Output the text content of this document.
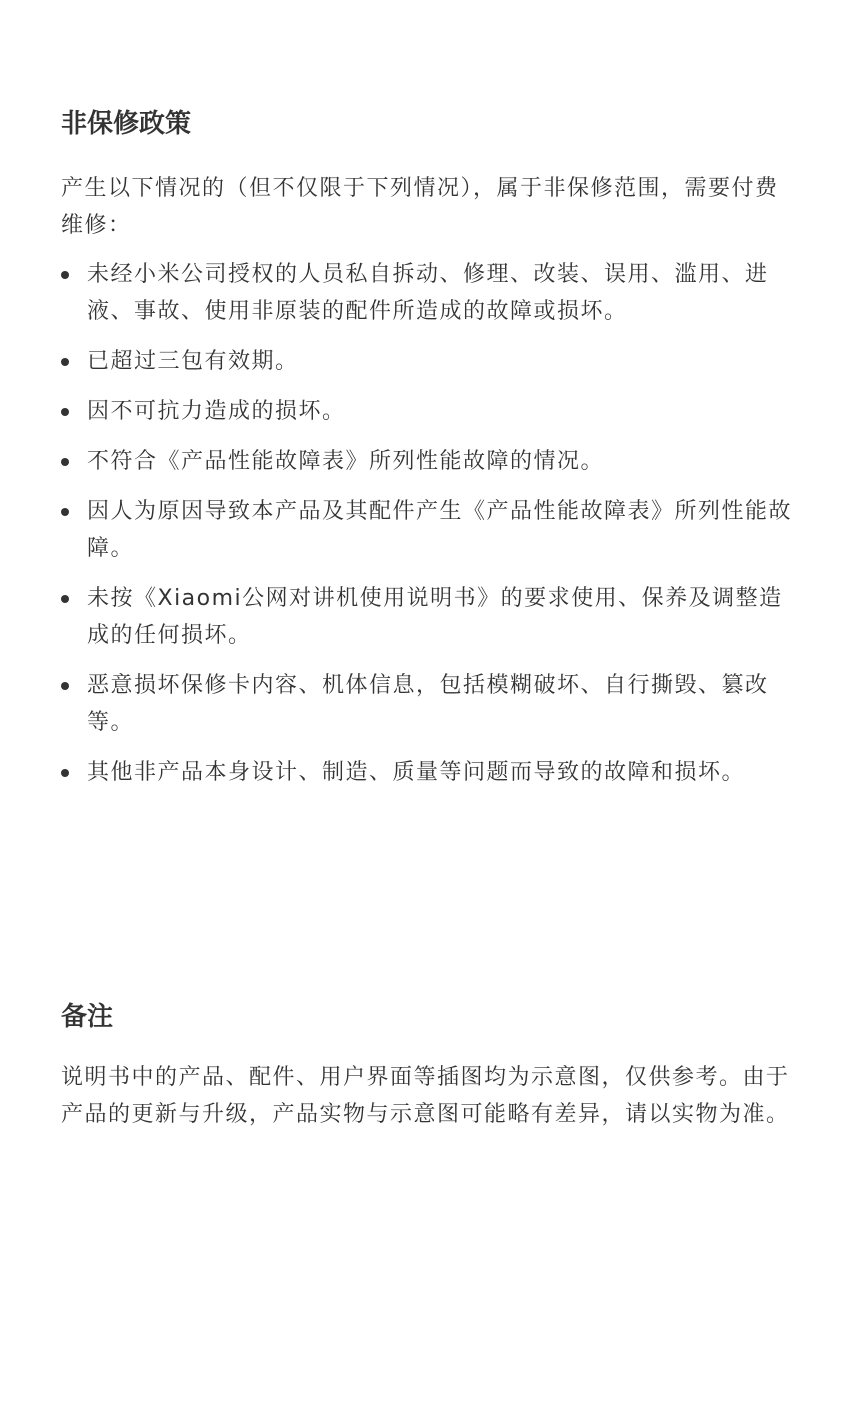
非保修政策

产生以下情况的（但不仅限于下列情况），属于非保修范围，需要付费维修：

未经小米公司授权的人员私自拆动、修理、改装、误用、滥用、进液、事故、使用非原装的配件所造成的故障或损坏。
已超过三包有效期。
因不可抗力造成的损坏。
不符合《产品性能故障表》所列性能故障的情况。
因人为原因导致本产品及其配件产生《产品性能故障表》所列性能故障。
未按《Xiaomi公网对讲机使用说明书》的要求使用、保养及调整造成的任何损坏。
恶意损坏保修卡内容、机体信息，包括模糊破坏、自行撕毁、篡改等。
其他非产品本身设计、制造、质量等问题而导致的故障和损坏。
备注

说明书中的产品、配件、用户界面等插图均为示意图，仅供参考。由于产品的更新与升级，产品实物与示意图可能略有差异，请以实物为准。
